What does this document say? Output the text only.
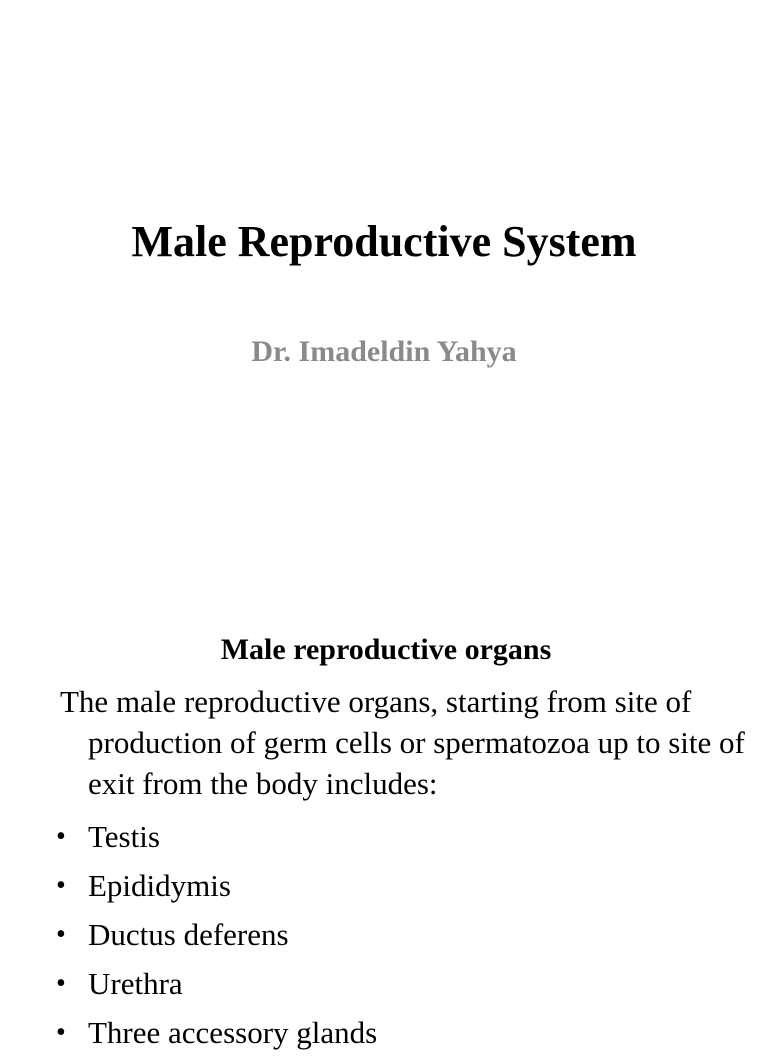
Male Reproductive System

Dr. Imadeldin Yahya

Male reproductive organs

The male reproductive organs, starting from site of production of germ cells or spermatozoa up to site of exit from the body includes:

• Testis
• Epididymis
• Ductus deferens
• Urethra
• Three accessory glands
